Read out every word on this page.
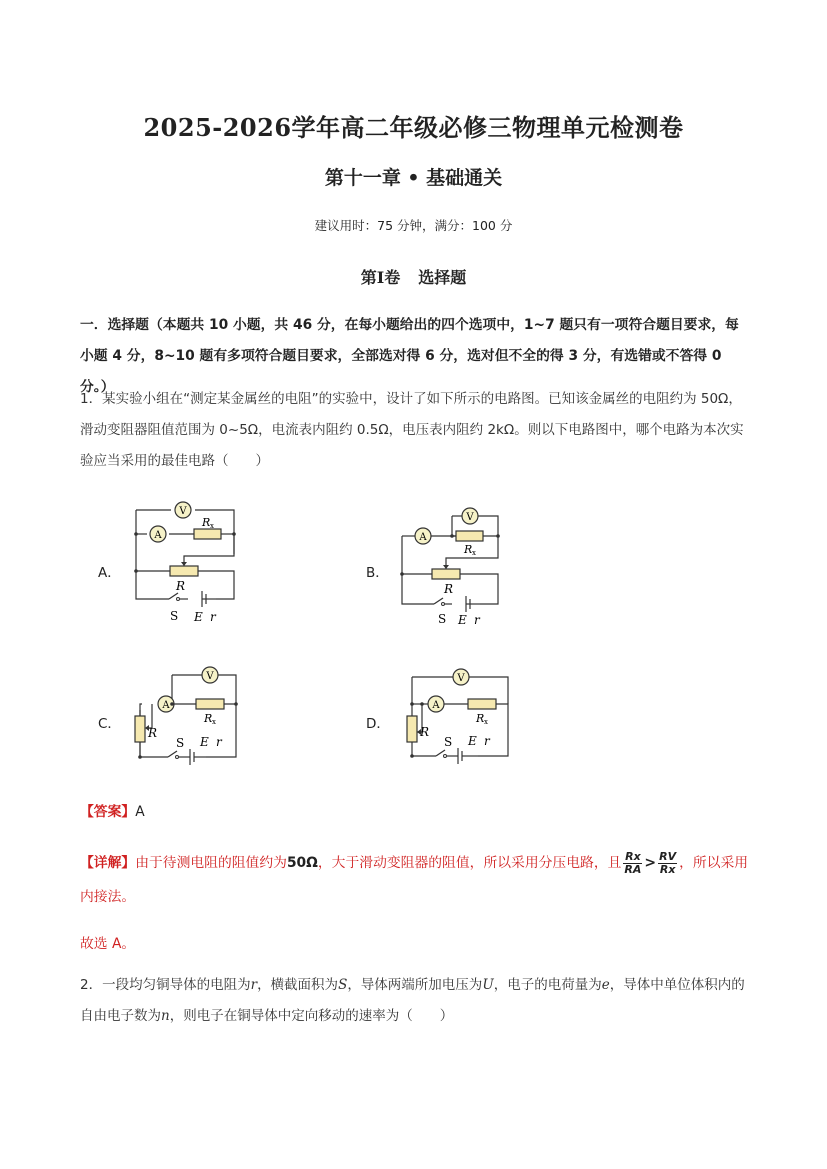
2025-2026学年高二年级必修三物理单元检测卷
第十一章 • 基础通关
建议用时：75 分钟，满分：100 分
第Ⅰ卷 选择题
一．选择题（本题共 10 小题，共 46 分，在每小题给出的四个选项中，1~7 题只有一项符合题目要求，每小题 4 分，8~10 题有多项符合题目要求，全部选对得 6 分，选对但不全的得 3 分，有选错或不答得 0 分。）
1．某实验小组在“测定某金属丝的电阻”的实验中，设计了如下所示的电路图。已知该金属丝的电阻约为 50Ω，滑动变阻器阻值范围为 0~5Ω，电流表内阻约 0.5Ω，电压表内阻约 2kΩ。则以下电路图中，哪个电路为本次实验应当采用的最佳电路（　　）
A．	B．
C．	D．
V
A
R x
R
S E r
V
A
R x
R
S E r
V
A
R x
R
S E r
V
A
R x
R
S E r
【答案】A
【详解】由于待测电阻的阻值约为50Ω，大于滑动变阻器的阻值，所以采用分压电路，且 $\frac{Rx}{RA} > \frac{RV}{Rx}$ ，所以采用内接法。
故选 A。
2．一段均匀铜导体的电阻为r，横截面积为S，导体两端所加电压为U，电子的电荷量为e，导体中单位体积内的自由电子数为n，则电子在铜导体中定向移动的速率为（　　）
